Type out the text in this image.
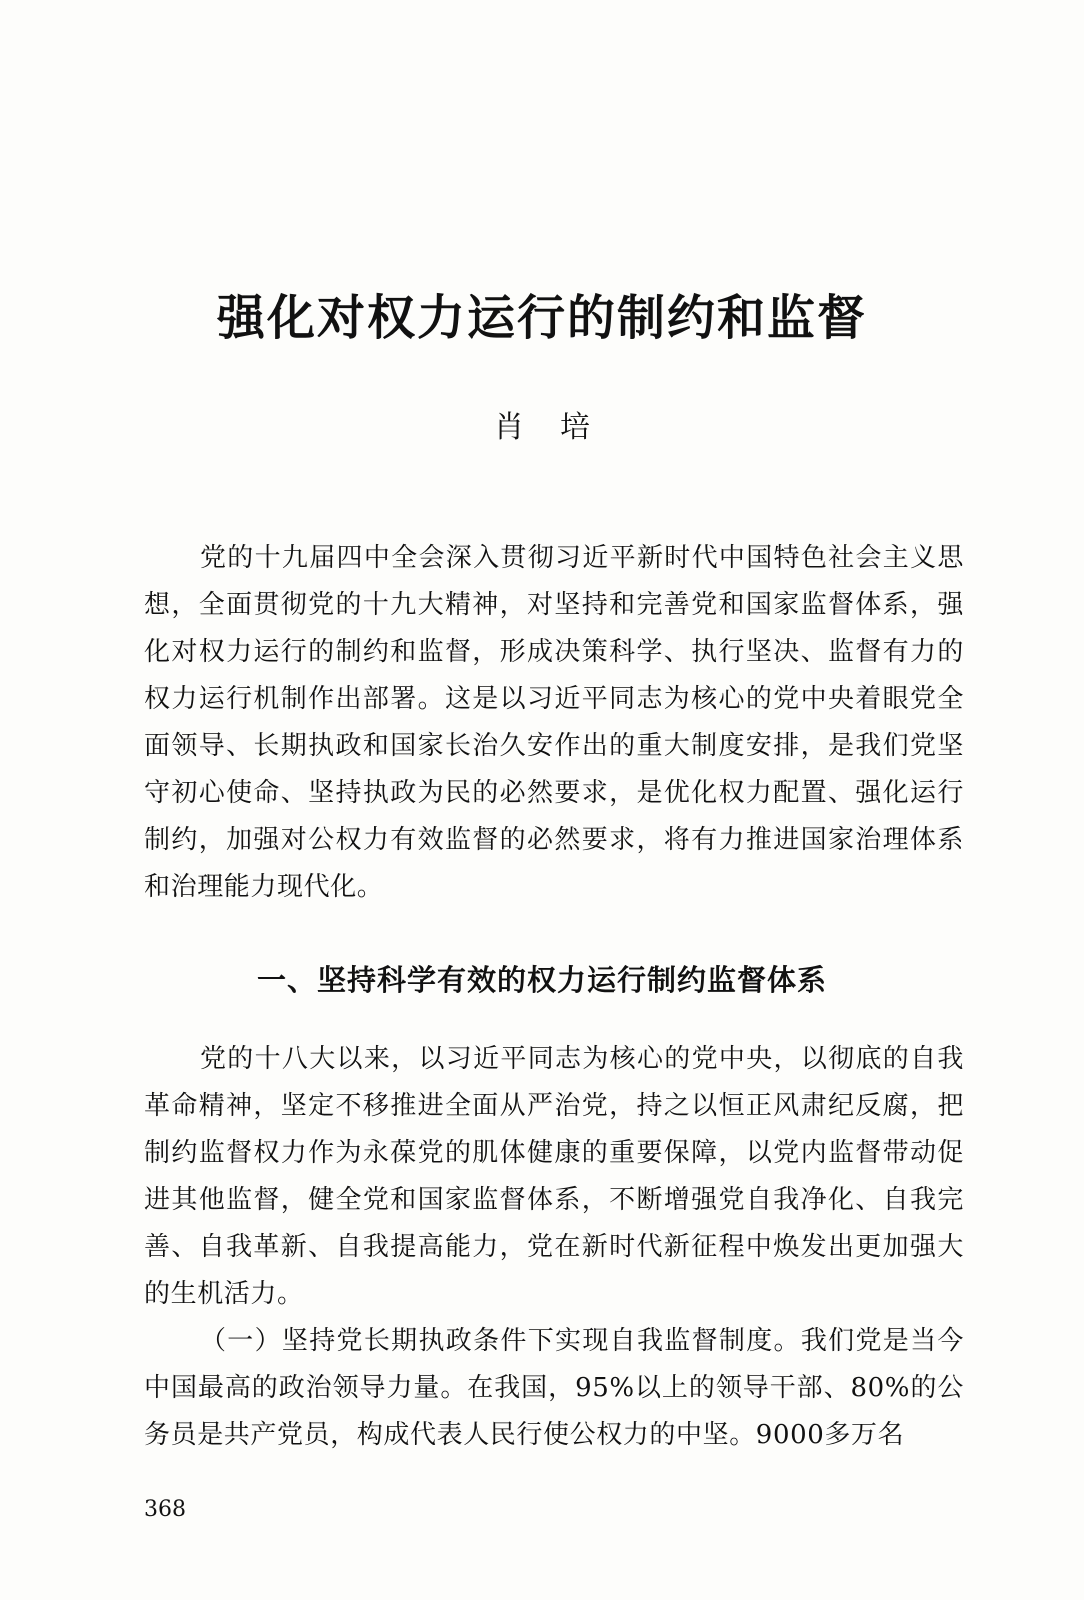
强化对权力运行的制约和监督
肖培

党的十九届四中全会深入贯彻习近平新时代中国特色社会主义思想，全面贯彻党的十九大精神，对坚持和完善党和国家监督体系，强化对权力运行的制约和监督，形成决策科学、执行坚决、监督有力的权力运行机制作出部署。这是以习近平同志为核心的党中央着眼党全面领导、长期执政和国家长治久安作出的重大制度安排，是我们党坚守初心使命、坚持执政为民的必然要求，是优化权力配置、强化运行制约，加强对公权力有效监督的必然要求，将有力推进国家治理体系和治理能力现代化。

一、坚持科学有效的权力运行制约监督体系

党的十八大以来，以习近平同志为核心的党中央，以彻底的自我革命精神，坚定不移推进全面从严治党，持之以恒正风肃纪反腐，把制约监督权力作为永葆党的肌体健康的重要保障，以党内监督带动促进其他监督，健全党和国家监督体系，不断增强党自我净化、自我完善、自我革新、自我提高能力，党在新时代新征程中焕发出更加强大的生机活力。

（一）坚持党长期执政条件下实现自我监督制度。我们党是当今中国最高的政治领导力量。在我国，95%以上的领导干部、80%的公务员是共产党员，构成代表人民行使公权力的中坚。9000多万名

368
